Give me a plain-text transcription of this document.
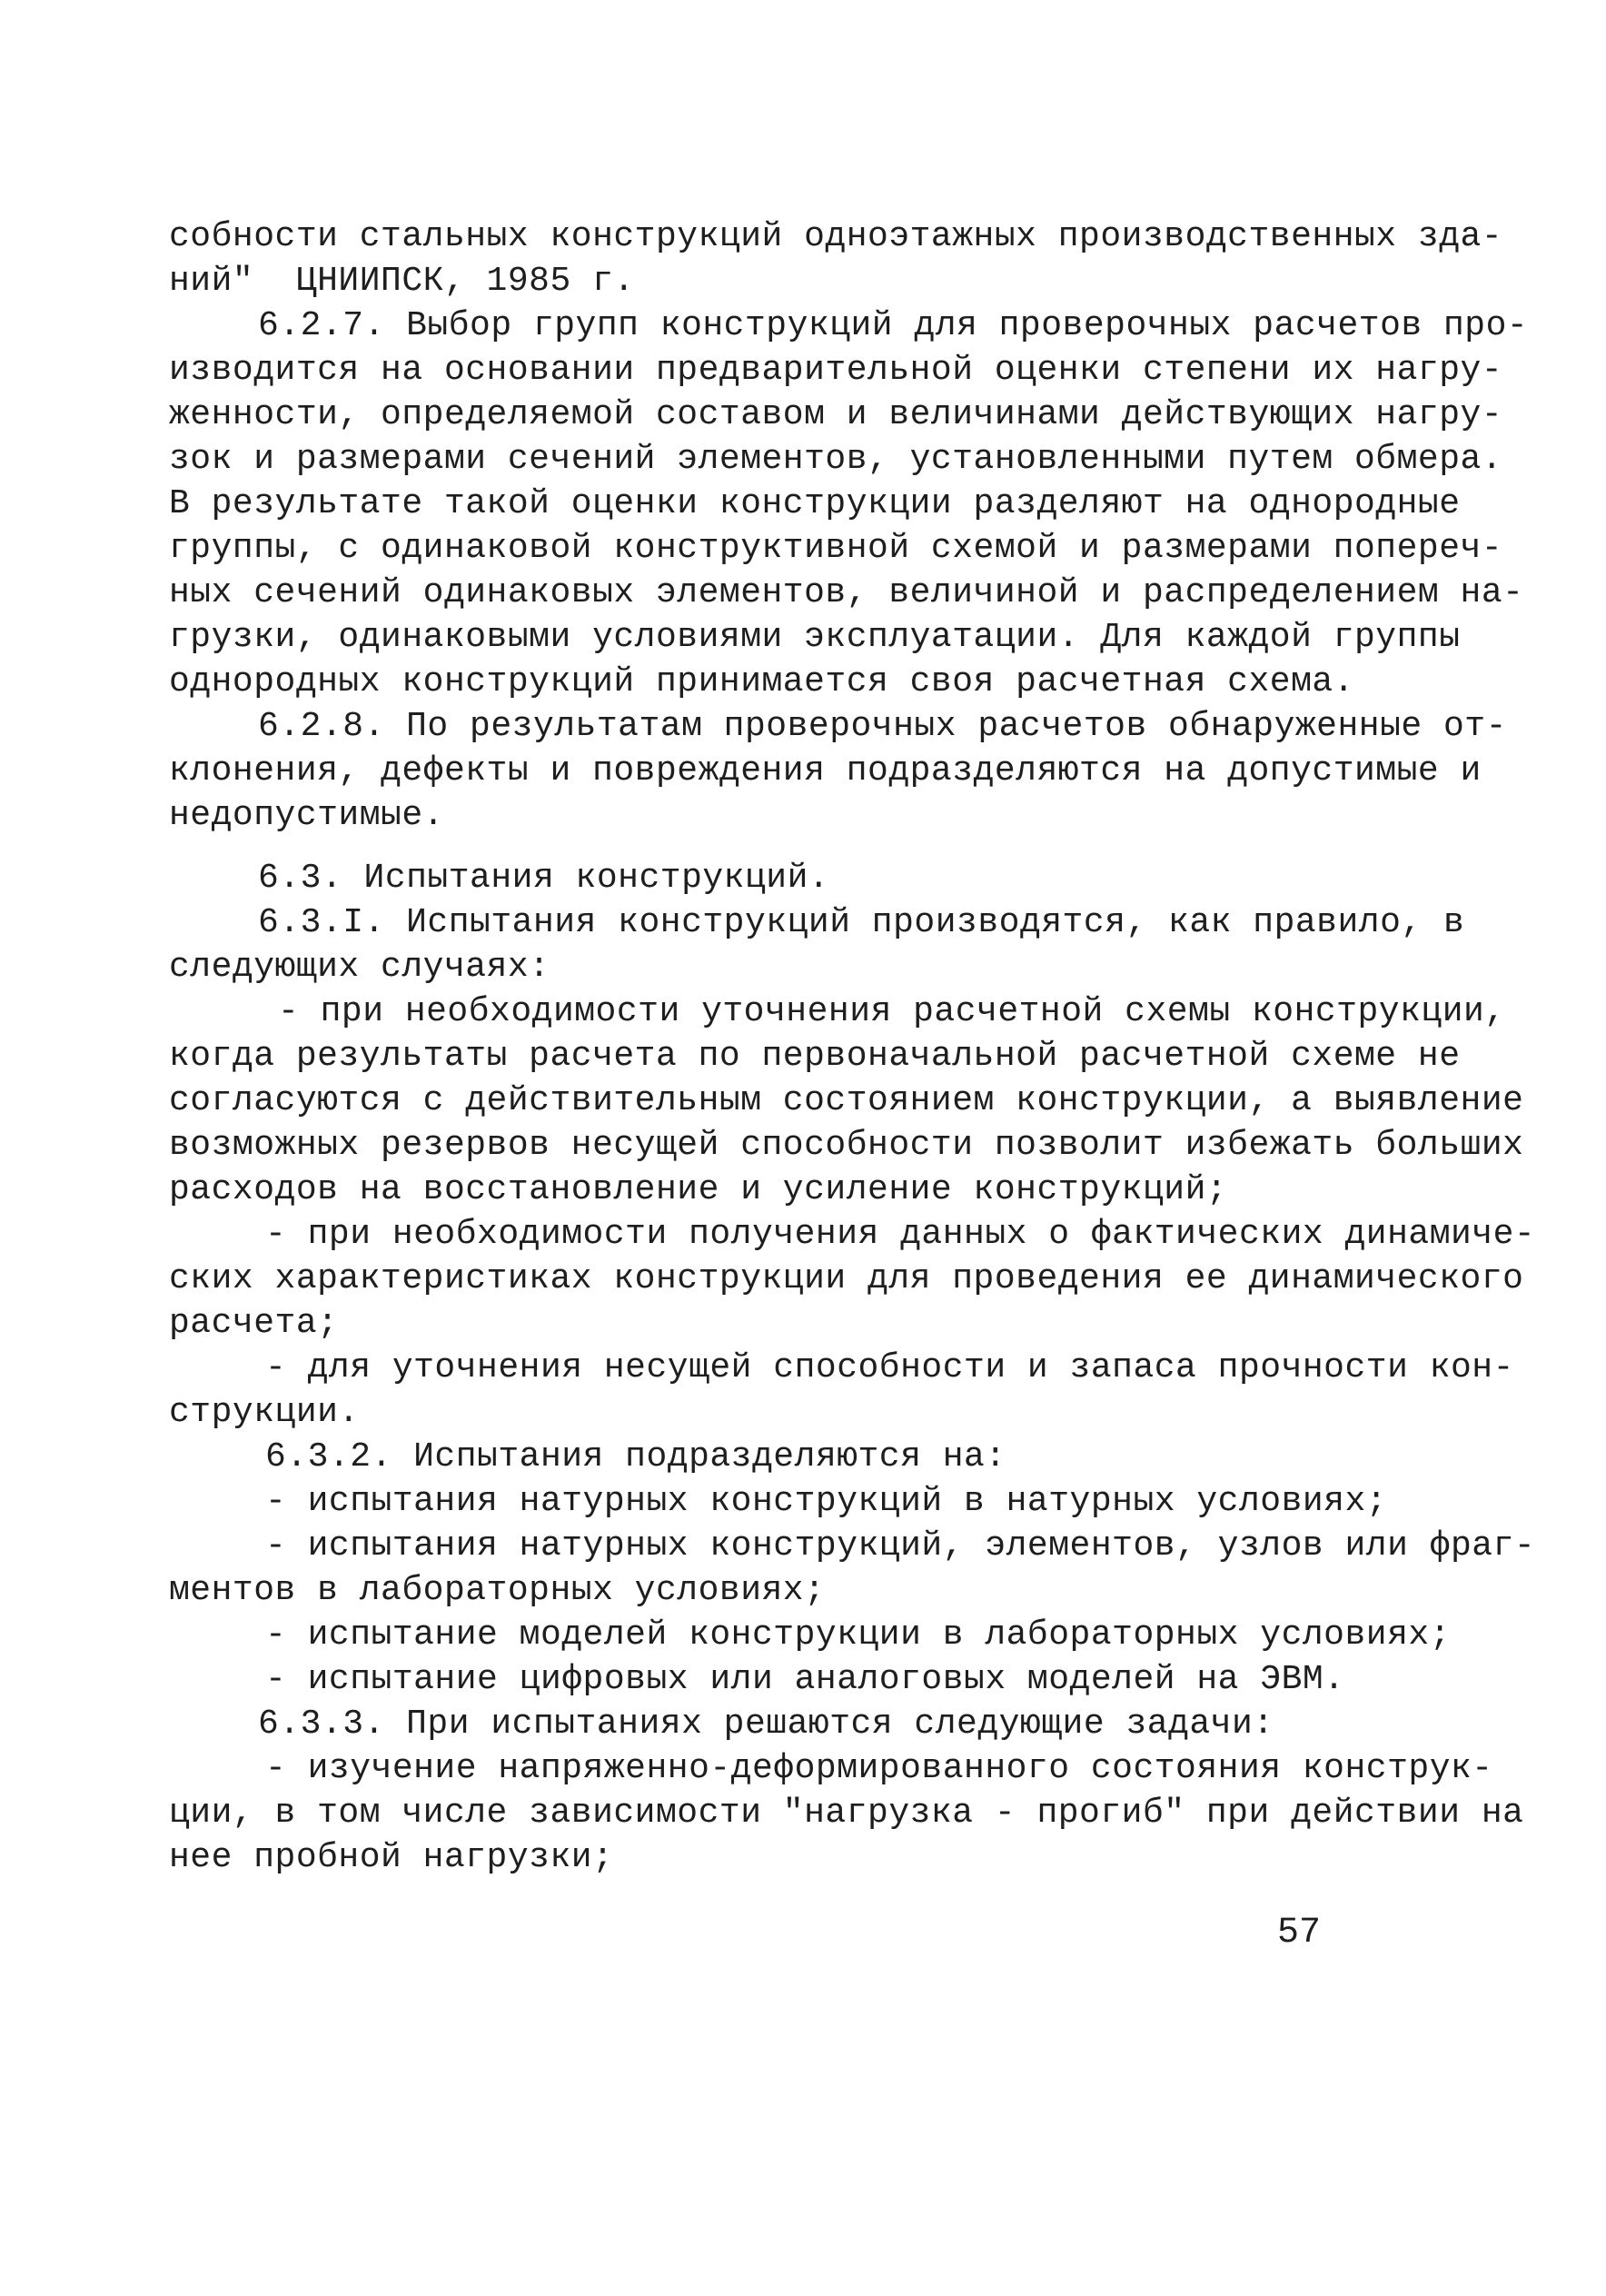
собности стальных конструкций одноэтажных производственных зда-
ний"  ЦНИИПСК, 1985 г.
6.2.7. Выбор групп конструкций для проверочных расчетов про-
изводится на основании предварительной оценки степени их нагру-
женности, определяемой составом и величинами действующих нагру-
зок и размерами сечений элементов, установленными путем обмера.
В результате такой оценки конструкции разделяют на однородные
группы, с одинаковой конструктивной схемой и размерами попереч-
ных сечений одинаковых элементов, величиной и распределением на-
грузки, одинаковыми условиями эксплуатации. Для каждой группы
однородных конструкций принимается своя расчетная схема.
6.2.8. По результатам проверочных расчетов обнаруженные от-
клонения, дефекты и повреждения подразделяются на допустимые и
недопустимые.
6.3. Испытания конструкций.
6.3.I. Испытания конструкций производятся, как правило, в
следующих случаях:
- при необходимости уточнения расчетной схемы конструкции,
когда результаты расчета по первоначальной расчетной схеме не
согласуются с действительным состоянием конструкции, а выявление
возможных резервов несущей способности позволит избежать больших
расходов на восстановление и усиление конструкций;
- при необходимости получения данных о фактических динамиче-
ских характеристиках конструкции для проведения ее динамического
расчета;
- для уточнения несущей способности и запаса прочности кон-
струкции.
6.3.2. Испытания подразделяются на:
- испытания натурных конструкций в натурных условиях;
- испытания натурных конструкций, элементов, узлов или фраг-
ментов в лабораторных условиях;
- испытание моделей конструкции в лабораторных условиях;
- испытание цифровых или аналоговых моделей на ЭВМ.
6.3.3. При испытаниях решаются следующие задачи:
- изучение напряженно-деформированного состояния конструк-
ции, в том числе зависимости "нагрузка - прогиб" при действии на
нее пробной нагрузки;
57
